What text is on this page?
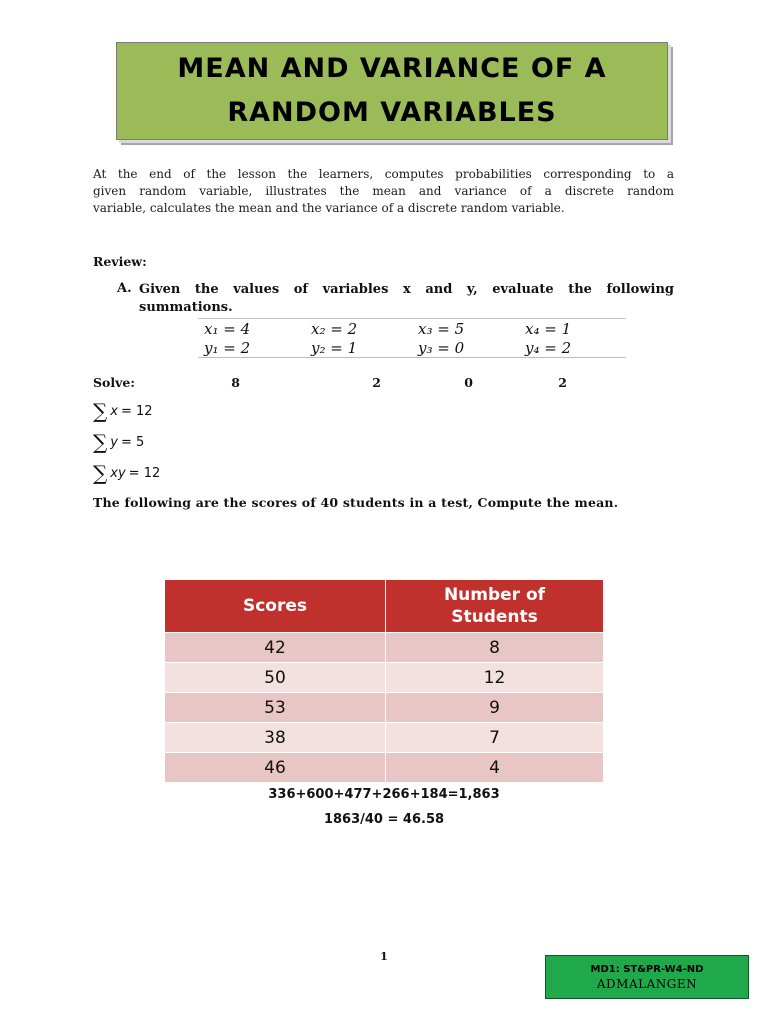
MEAN AND VARIANCE OF A
RANDOM VARIABLES
At the end of the lesson the learners, computes probabilities corresponding to a
given random variable, illustrates the mean and variance of a discrete random
variable, calculates the mean and the variance of a discrete random variable.
Review:
A. Given the values of variables x and y, evaluate the following
summations.
x₁ = 4	x₂ = 2	x₃ = 5	x₄ = 1
y₁ = 2	y₂ = 1	y₃ = 0	y₄ = 2
Solve:	8	2	0	2
∑ x = 12
∑ y = 5
∑ xy = 12
The following are the scores of 40 students in a test, Compute the mean.
Scores	Number of Students
42	8
50	12
53	9
38	7
46	4
336+600+477+266+184=1,863
1863/40 = 46.58
1
MD1: ST&PR-W4-ND
ADMALANGEN
